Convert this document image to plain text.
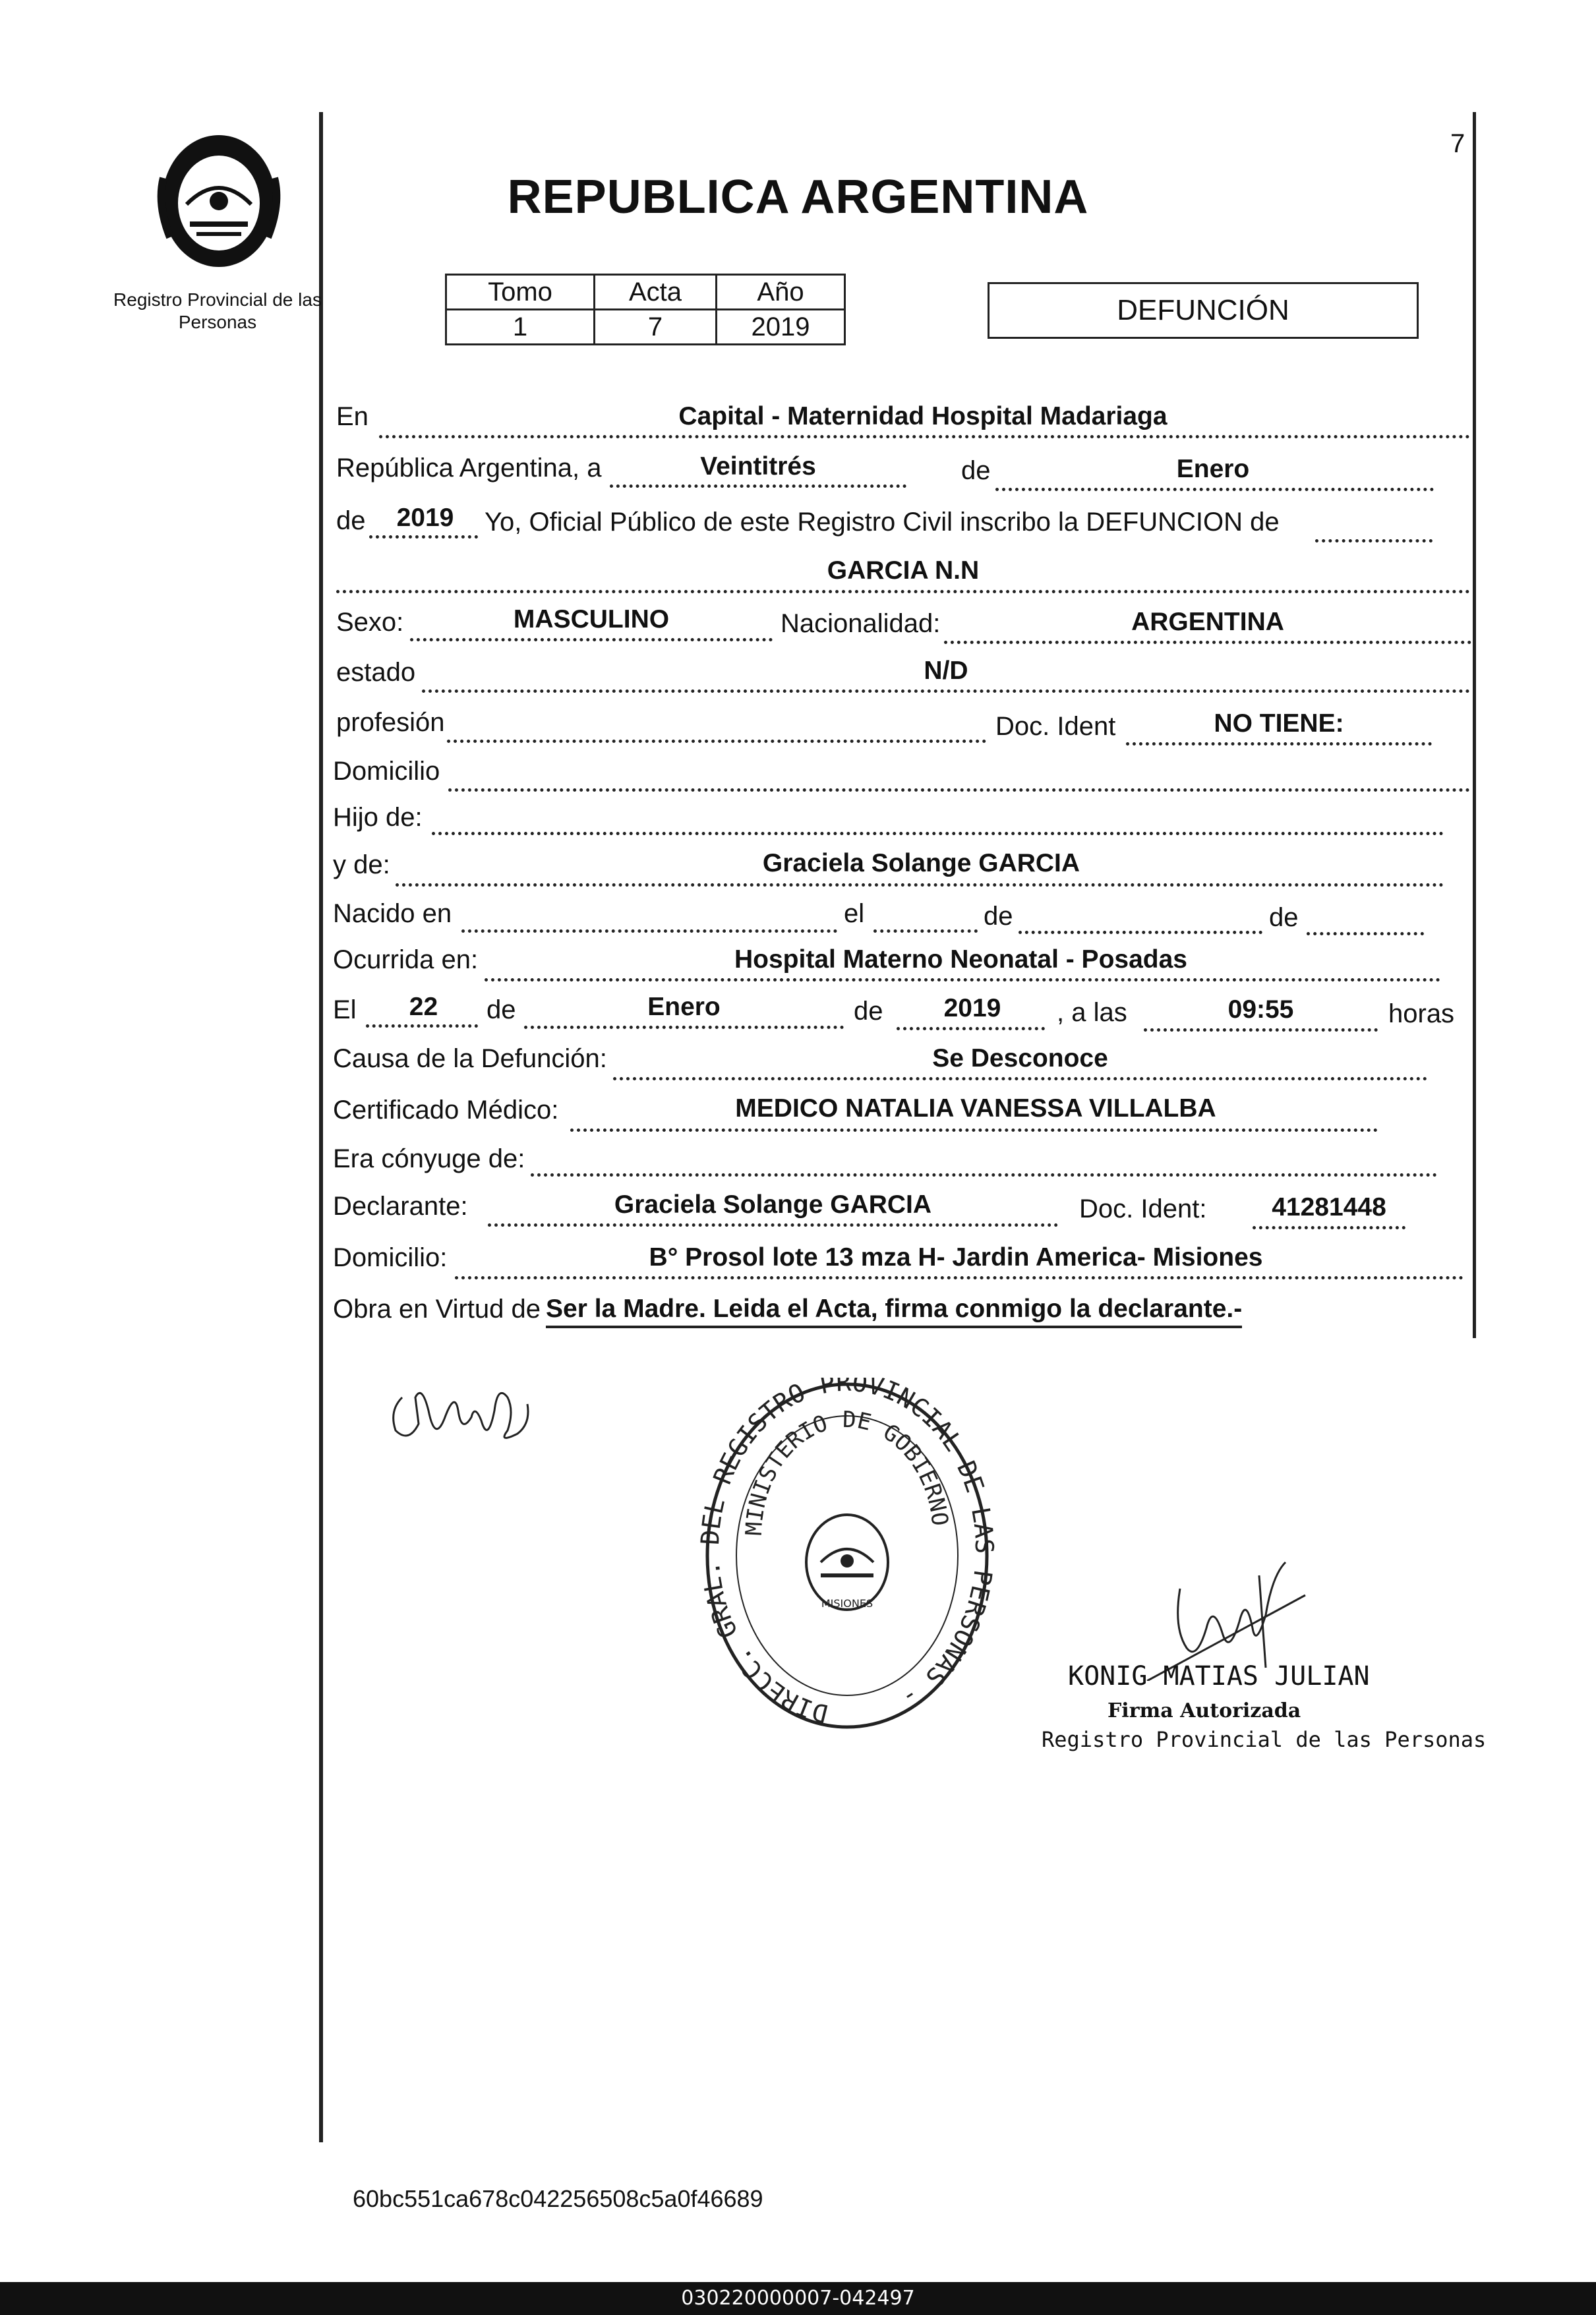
7
Registro Provincial de las Personas
REPUBLICA ARGENTINA
Tomo	Acta	Año
1	7	2019
DEFUNCIÓN
En	Capital - Maternidad Hospital Madariaga
República Argentina, a	Veintitrés	de	Enero
de	2019	Yo, Oficial Público de este Registro Civil inscribo la DEFUNCION de
GARCIA N.N
Sexo:	MASCULINO	Nacionalidad:	ARGENTINA
estado	N/D
profesión	Doc. Ident	NO TIENE:
Domicilio
Hijo de:
y de:	Graciela Solange GARCIA
Nacido en	el	de	de
Ocurrida en:	Hospital Materno Neonatal - Posadas
El	22	de	Enero	de	2019	, a las	09:55	horas
Causa de la Defunción:	Se Desconoce
Certificado Médico:	MEDICO NATALIA VANESSA VILLALBA
Era cónyuge de:
Declarante:	Graciela Solange GARCIA	Doc. Ident:	41281448
Domicilio:	B° Prosol lote 13 mza H- Jardin America- Misiones
Obra en Virtud de Ser la Madre. Leida el Acta, firma conmigo la declarante.-
DIRECC. GRAL. EL REGISTRO PROVINCIAL DE L PERSONAS -
MINISTERIO DE GOBIERNO
MISIONES
KONIG MATIAS JULIAN
Firma Autorizada
Registro Provincial de las Personas
60bc551ca678c042256508c5a0f46689
030220000007-042497
